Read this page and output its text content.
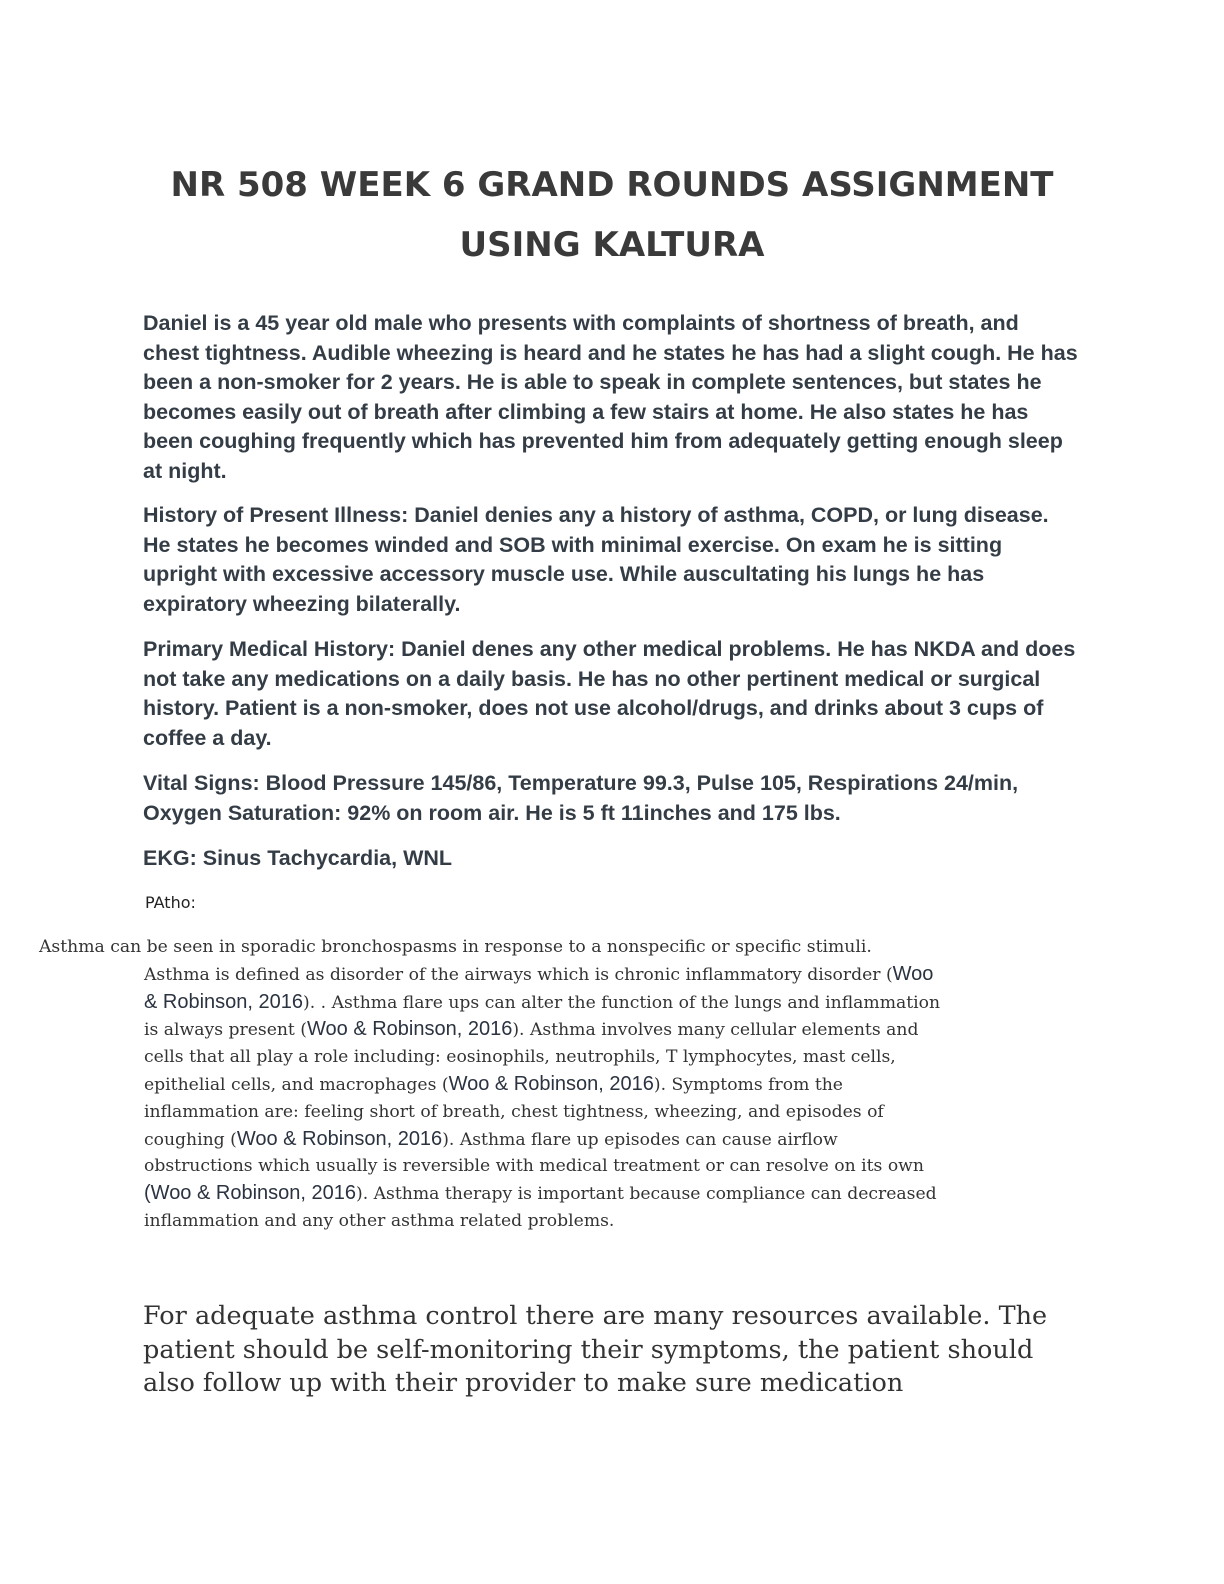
NR 508 WEEK 6 GRAND ROUNDS ASSIGNMENT
USING KALTURA

Daniel is a 45 year old male who presents with complaints of shortness of breath, and chest tightness. Audible wheezing is heard and he states he has had a slight cough. He has been a non-smoker for 2 years. He is able to speak in complete sentences, but states he becomes easily out of breath after climbing a few stairs at home. He also states he has been coughing frequently which has prevented him from adequately getting enough sleep at night.

History of Present Illness: Daniel denies any a history of asthma, COPD, or lung disease. He states he becomes winded and SOB with minimal exercise. On exam he is sitting upright with excessive accessory muscle use. While auscultating his lungs he has expiratory wheezing bilaterally.

Primary Medical History: Daniel denes any other medical problems. He has NKDA and does not take any medications on a daily basis. He has no other pertinent medical or surgical history. Patient is a non-smoker, does not use alcohol/drugs, and drinks about 3 cups of coffee a day.

Vital Signs: Blood Pressure 145/86, Temperature 99.3, Pulse 105, Respirations 24/min, Oxygen Saturation: 92% on room air. He is 5 ft 11inches and 175 lbs.

EKG: Sinus Tachycardia, WNL

PAtho:

Asthma can be seen in sporadic bronchospasms in response to a nonspecific or specific stimuli.
Asthma is defined as disorder of the airways which is chronic inflammatory disorder (Woo
& Robinson, 2016). . Asthma flare ups can alter the function of the lungs and inflammation
is always present (Woo & Robinson, 2016). Asthma involves many cellular elements and
cells that all play a role including: eosinophils, neutrophils, T lymphocytes, mast cells,
epithelial cells, and macrophages (Woo & Robinson, 2016). Symptoms from the
inflammation are: feeling short of breath, chest tightness, wheezing, and episodes of
coughing (Woo & Robinson, 2016). Asthma flare up episodes can cause airflow
obstructions which usually is reversible with medical treatment or can resolve on its own
(Woo & Robinson, 2016). Asthma therapy is important because compliance can decreased
inflammation and any other asthma related problems.
For adequate asthma control there are many resources available. The
patient should be self-monitoring their symptoms, the patient should
also follow up with their provider to make sure medication
